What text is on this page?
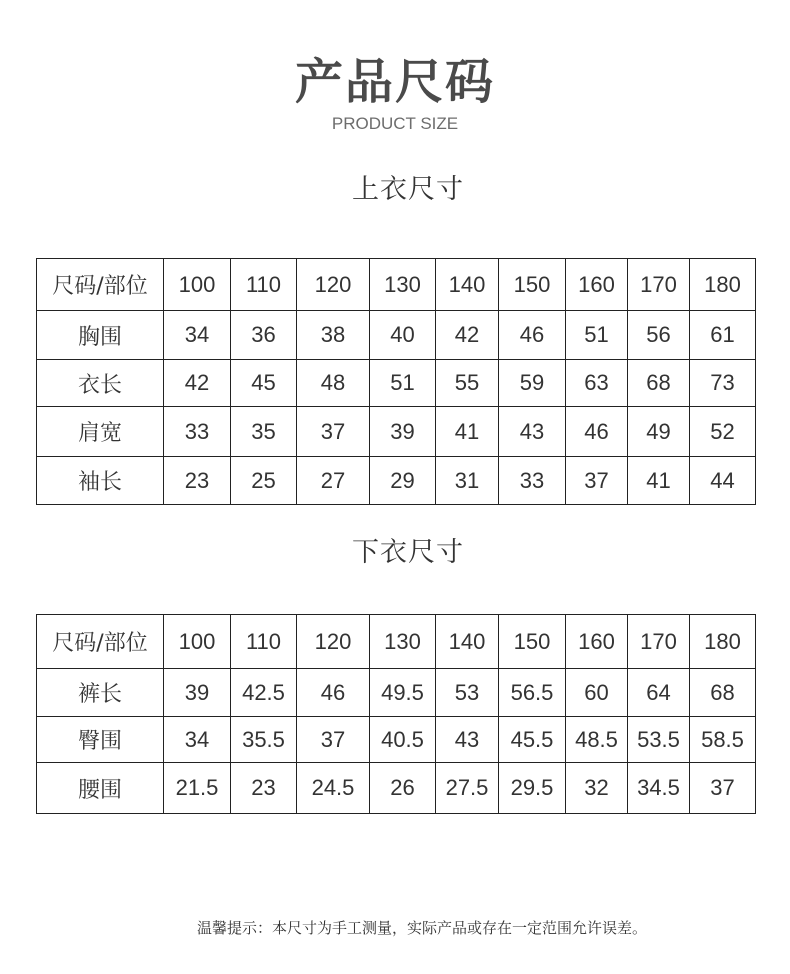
产品尺码
PRODUCT SIZE
上衣尺寸
尺码/部位	100	110	120	130	140	150	160	170	180
胸围	34	36	38	40	42	46	51	56	61
衣长	42	45	48	51	55	59	63	68	73
肩宽	33	35	37	39	41	43	46	49	52
袖长	23	25	27	29	31	33	37	41	44
下衣尺寸
尺码/部位	100	110	120	130	140	150	160	170	180
裤长	39	42.5	46	49.5	53	56.5	60	64	68
臀围	34	35.5	37	40.5	43	45.5	48.5	53.5	58.5
腰围	21.5	23	24.5	26	27.5	29.5	32	34.5	37
温馨提示：本尺寸为手工测量，实际产品或存在一定范围允许误差。
